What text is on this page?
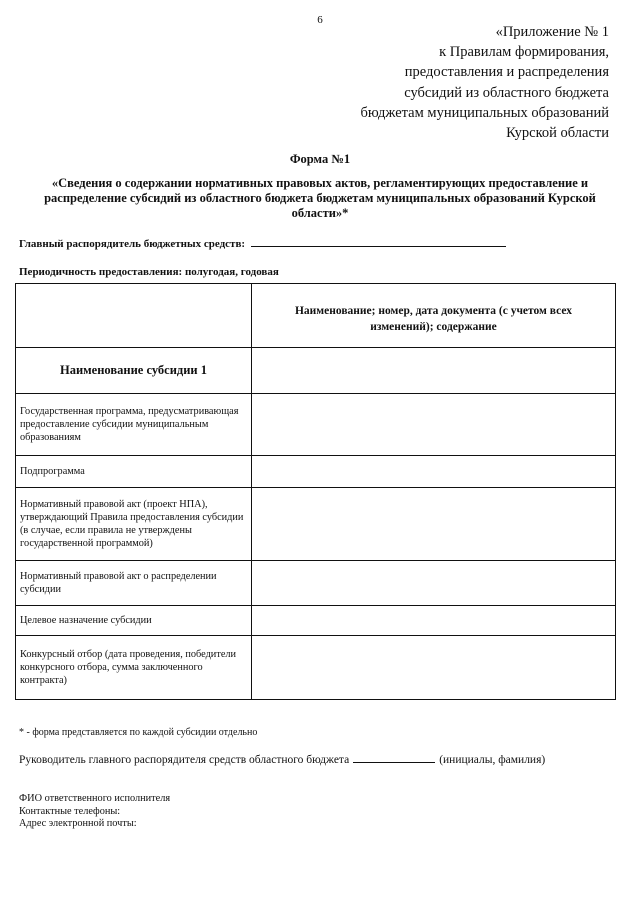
6
«Приложение № 1
к Правилам формирования,
предоставления и распределения
субсидий из областного бюджета
бюджетам муниципальных образований
Курской области
Форма №1
«Сведения о содержании нормативных правовых актов, регламентирующих предоставление и распределение субсидий из областного бюджета бюджетам муниципальных образований Курской области»*
Главный распорядитель бюджетных средств:
Периодичность предоставления: полугодая, годовая

	Наименование; номер, дата документа (с учетом всех изменений); содержание

Наименование субсидии 1	

Государственная программа, предусматривающая предоставление субсидии муниципальным образованиям	
Подпрограмма	
Нормативный правовой акт (проект НПА), утверждающий Правила предоставления субсидии (в случае, если правила не утверждены государственной программой)	
Нормативный правовой акт о распределении субсидии	
Целевое назначение субсидии	
Конкурсный отбор (дата проведения, победители конкурсного отбора, сумма заключенного контракта)	
* - форма представляется по каждой субсидии отдельно
Руководитель главного распорядителя средств областного бюджета	(инициалы, фамилия)
ФИО ответственного исполнителя
Контактные телефоны:
Адрес электронной почты:
